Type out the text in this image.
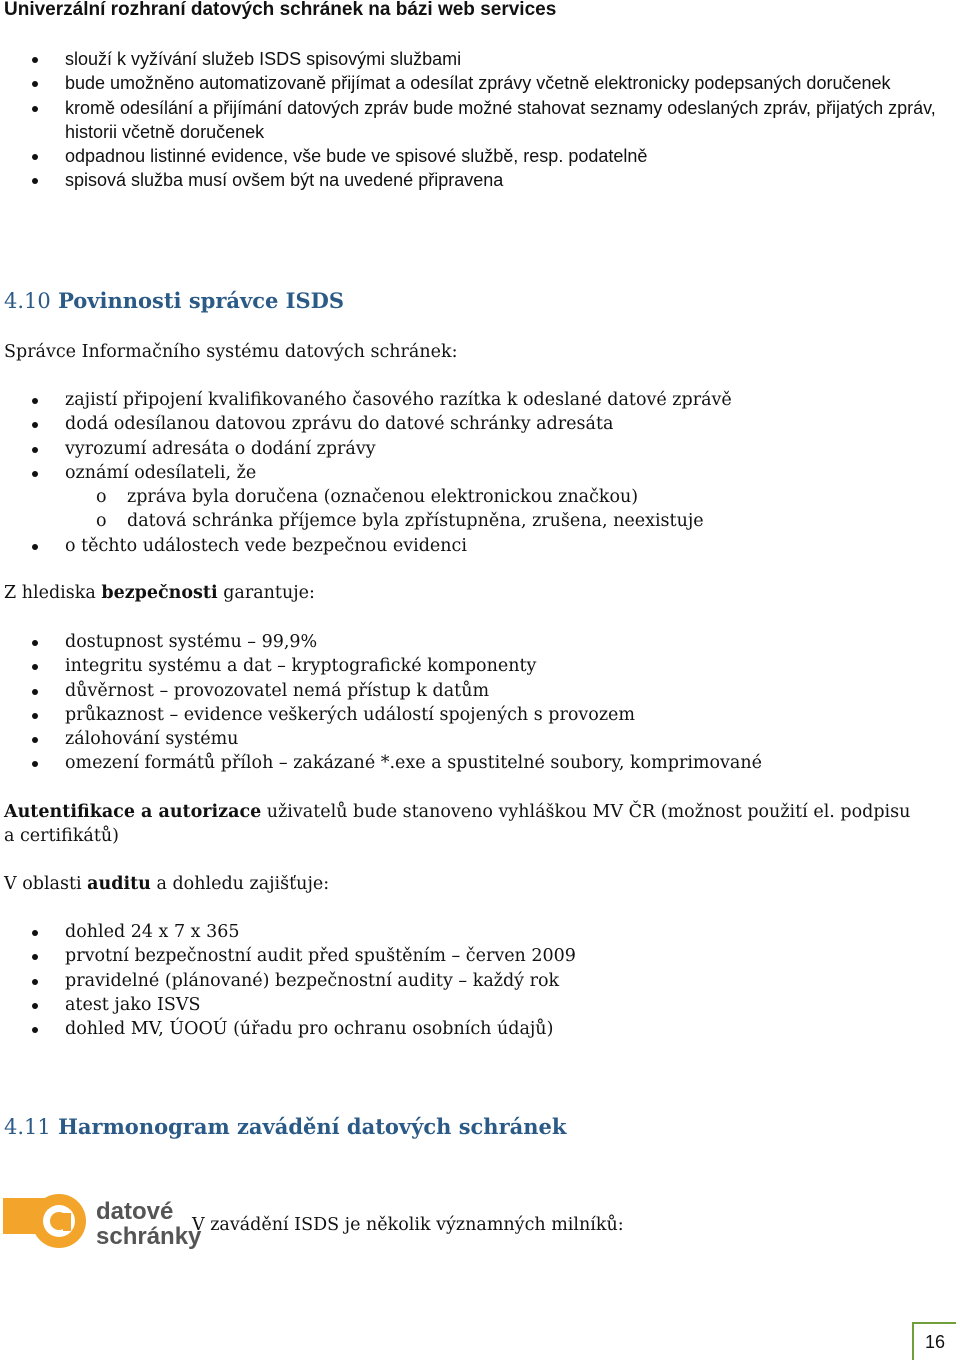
Univerzální rozhraní datových schránek na bázi web services
slouží k vyžívání služeb ISDS spisovými službami
bude umožněno automatizovaně přijímat a odesílat zprávy včetně elektronicky podepsaných doručenek
kromě odesílání a přijímání datových zpráv bude možné stahovat seznamy odeslaných zpráv, přijatých zpráv, historii včetně doručenek
odpadnou listinné evidence, vše bude ve spisové službě, resp. podatelně
spisová služba musí ovšem být na uvedené připravena
4.10 Povinnosti správce ISDS
Správce Informačního systému datových schránek:
zajistí připojení kvalifikovaného časového razítka k odeslané datové zprávě
dodá odesílanou datovou zprávu do datové schránky adresáta
vyrozumí adresáta o dodání zprávy
oznámí odesílateli, že
o zpráva byla doručena (označenou elektronickou značkou)
o datová schránka příjemce byla zpřístupněna, zrušena, neexistuje
o těchto událostech vede bezpečnou evidenci
Z hlediska bezpečnosti garantuje:
dostupnost systému – 99,9%
integritu systému a dat – kryptografické komponenty
důvěrnost – provozovatel nemá přístup k datům
průkaznost – evidence veškerých událostí spojených s provozem
zálohování systému
omezení formátů příloh – zakázané *.exe a spustitelné soubory, komprimované
Autentifikace a autorizace uživatelů bude stanoveno vyhláškou MV ČR (možnost použití el. podpisu a certifikátů)
V oblasti auditu a dohledu zajišťuje:
dohled 24 x 7 x 365
prvotní bezpečnostní audit před spuštěním – červen 2009
pravidelné (plánované) bezpečnostní audity – každý rok
atest jako ISVS
dohled MV, ÚOOÚ (úřadu pro ochranu osobních údajů)
4.11 Harmonogram zavádění datových schránek
datové
schránky
V zavádění ISDS je několik významných milníků:
16
